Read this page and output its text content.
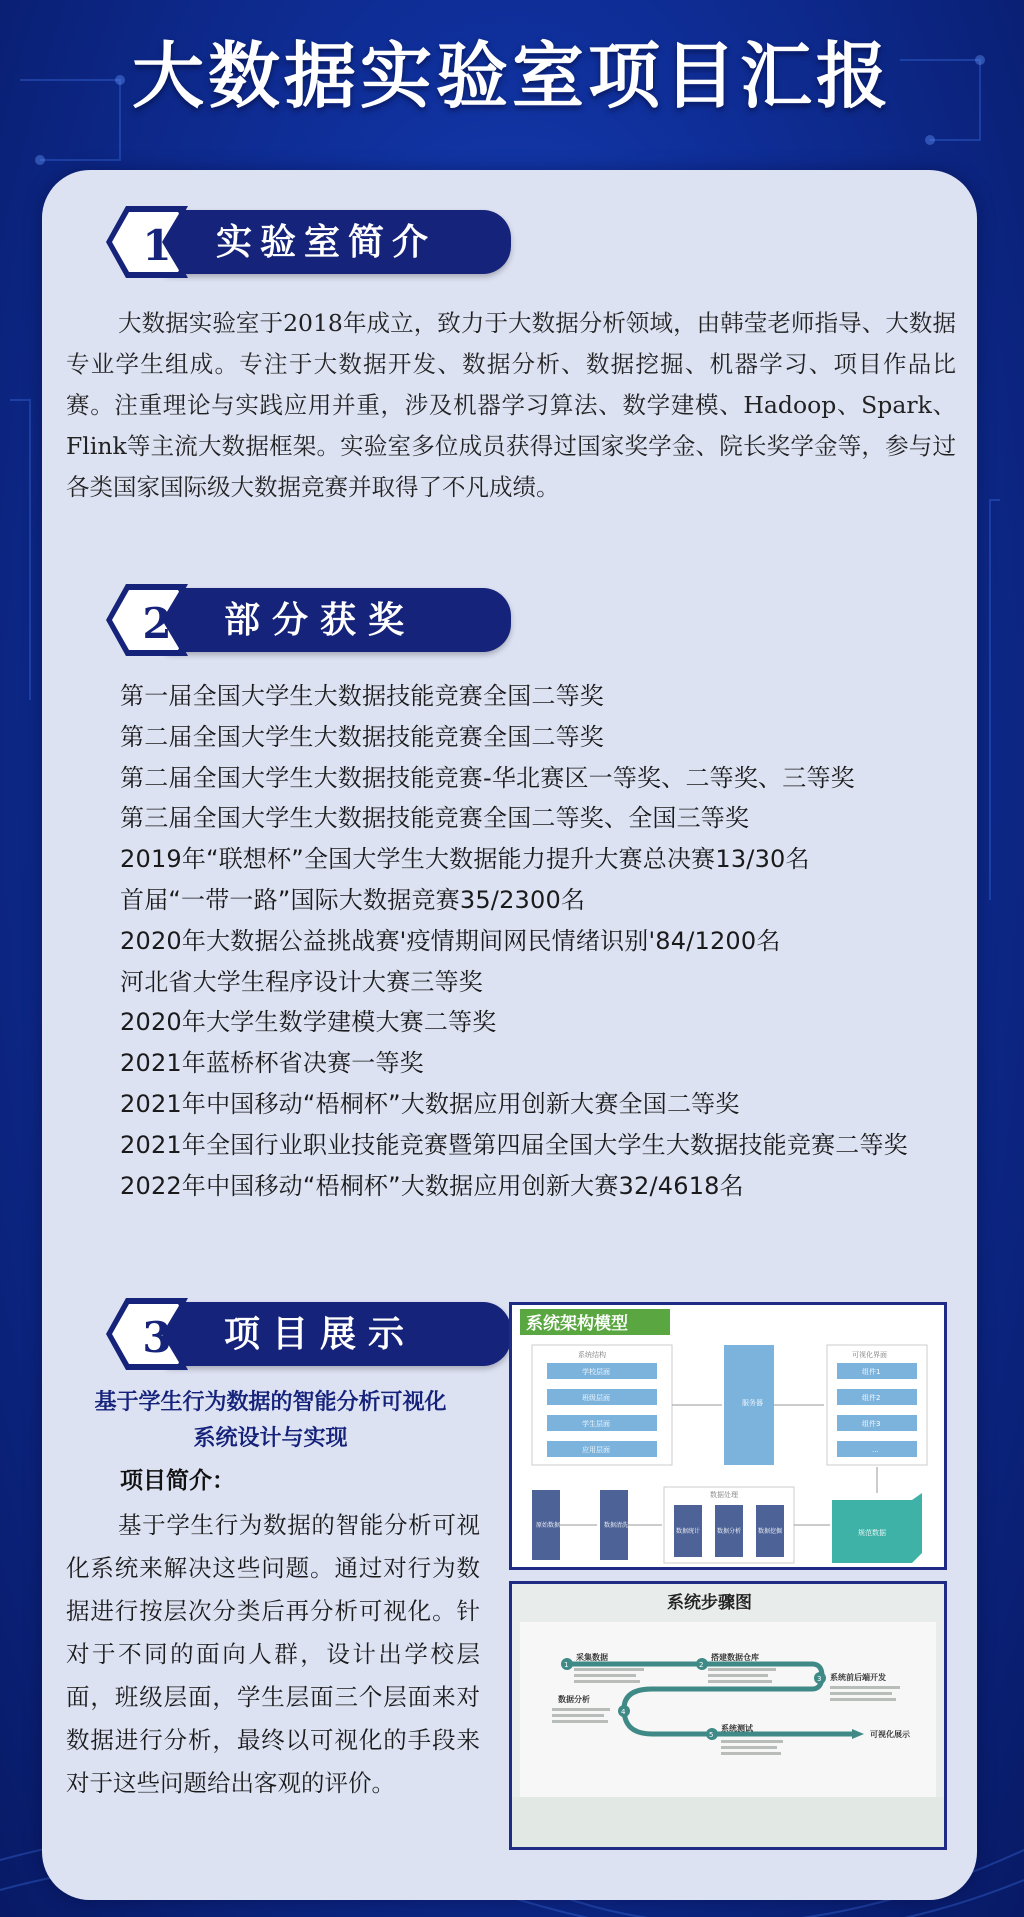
大数据实验室项目汇报
1	实验室简介

大数据实验室于2018年成立，致力于大数据分析领域，由韩莹老师指导、大数据专业学生组成。专注于大数据开发、数据分析、数据挖掘、机器学习、项目作品比赛。注重理论与实践应用并重，涉及机器学习算法、数学建模、Hadoop、Spark、Flink等主流大数据框架。实验室多位成员获得过国家奖学金、院长奖学金等，参与过各类国家国际级大数据竞赛并取得了不凡成绩。

2	部分获奖
第一届全国大学生大数据技能竞赛全国二等奖
第二届全国大学生大数据技能竞赛全国二等奖
第二届全国大学生大数据技能竞赛-华北赛区一等奖、二等奖、三等奖
第三届全国大学生大数据技能竞赛全国二等奖、全国三等奖
2019年“联想杯”全国大学生大数据能力提升大赛总决赛13/30名
首届“一带一路”国际大数据竞赛35/2300名
2020年大数据公益挑战赛'疫情期间网民情绪识别'84/1200名
河北省大学生程序设计大赛三等奖
2020年大学生数学建模大赛二等奖
2021年蓝桥杯省决赛一等奖
2021年中国移动“梧桐杯”大数据应用创新大赛全国二等奖
2021年全国行业职业技能竞赛暨第四届全国大学生大数据技能竞赛二等奖
2022年中国移动“梧桐杯”大数据应用创新大赛32/4618名
3	项目展示
基于学生行为数据的智能分析可视化
系统设计与实现
项目简介：

基于学生行为数据的智能分析可视化系统来解决这些问题。通过对行为数据进行按层次分类后再分析可视化。针对于不同的面向人群，设计出学校层面，班级层面，学生层面三个层面来对数据进行分析，最终以可视化的手段来对于这些问题给出客观的评价。

系统架构模型
系统结构
学校层面
班级层面
学生层面
应用层面
服务器
可视化界面
组件1
组件2
组件3
...
原始数据	数据清洗
数据处理
数据统计	数据分析	数据挖掘	规范数据
系统步骤图
1	2
3
4
5
采集数据	搭建数据仓库
系统前后端开发
数据分析
系统测试
可视化展示
